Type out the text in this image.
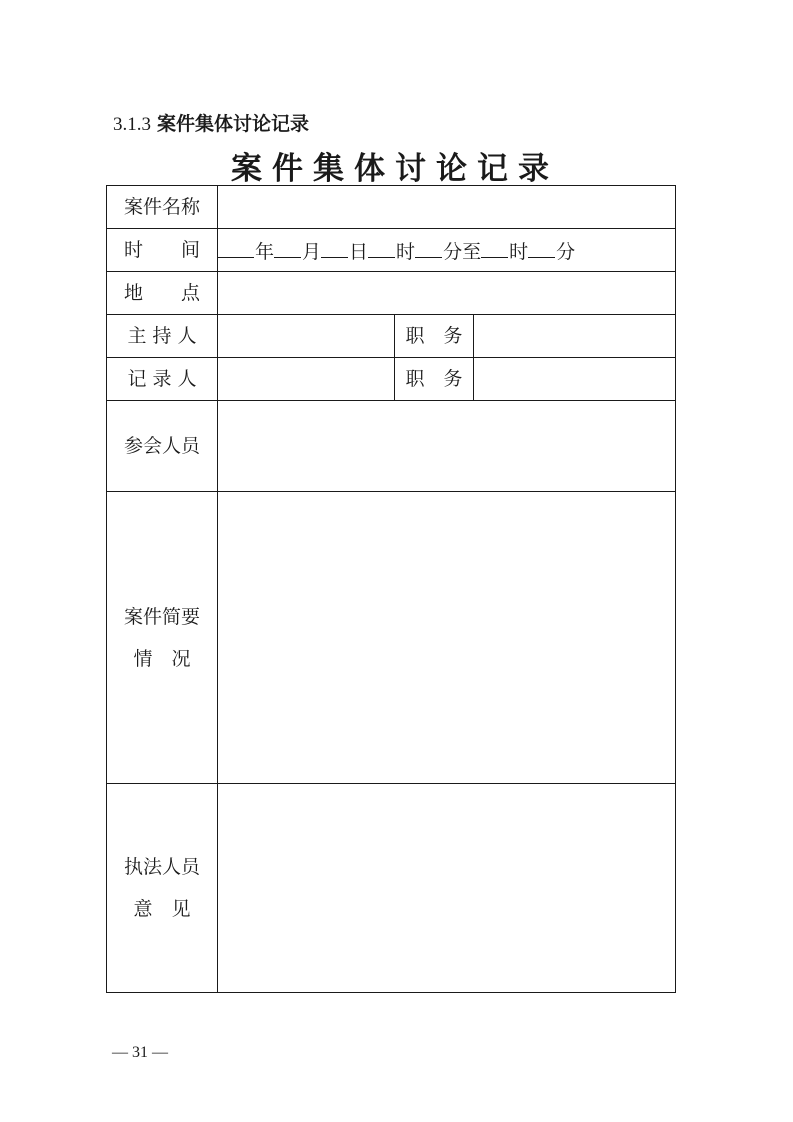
3.1.3 案件集体讨论记录
案件集体讨论记录
案件名称			
时　　间	年 月 日 时 分至 时 分		
地　　点			
主 持 人		职　务	
记 录 人		职　务	
参会人员			

案件简要
情　况			

执法人员
意　见			

— 31 —
